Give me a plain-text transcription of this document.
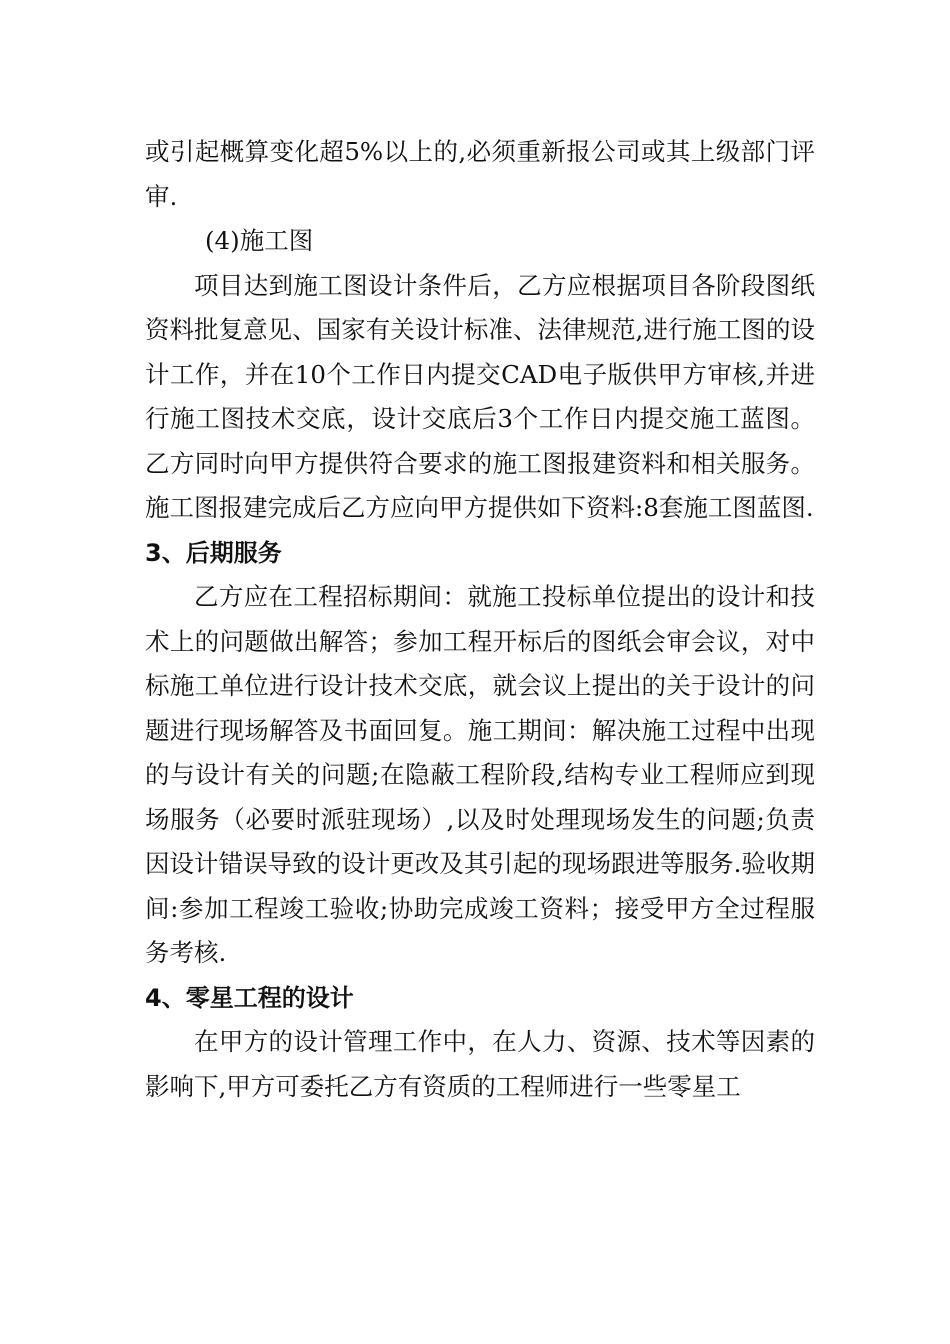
或引起概算变化超5%以上的,必须重新报公司或其上级部门评审.

(4)施工图

项目达到施工图设计条件后，乙方应根据项目各阶段图纸资料批复意见、国家有关设计标准、法律规范,进行施工图的设计工作，并在10个工作日内提交CAD电子版供甲方审核,并进行施工图技术交底，设计交底后3个工作日内提交施工蓝图。乙方同时向甲方提供符合要求的施工图报建资料和相关服务。施工图报建完成后乙方应向甲方提供如下资料:8套施工图蓝图.

3、后期服务

乙方应在工程招标期间：就施工投标单位提出的设计和技术上的问题做出解答；参加工程开标后的图纸会审会议，对中标施工单位进行设计技术交底，就会议上提出的关于设计的问题进行现场解答及书面回复。施工期间：解决施工过程中出现的与设计有关的问题;在隐蔽工程阶段,结构专业工程师应到现场服务（必要时派驻现场）,以及时处理现场发生的问题;负责因设计错误导致的设计更改及其引起的现场跟进等服务.验收期间:参加工程竣工验收;协助完成竣工资料；接受甲方全过程服务考核.

4、零星工程的设计

在甲方的设计管理工作中，在人力、资源、技术等因素的影响下,甲方可委托乙方有资质的工程师进行一些零星工
